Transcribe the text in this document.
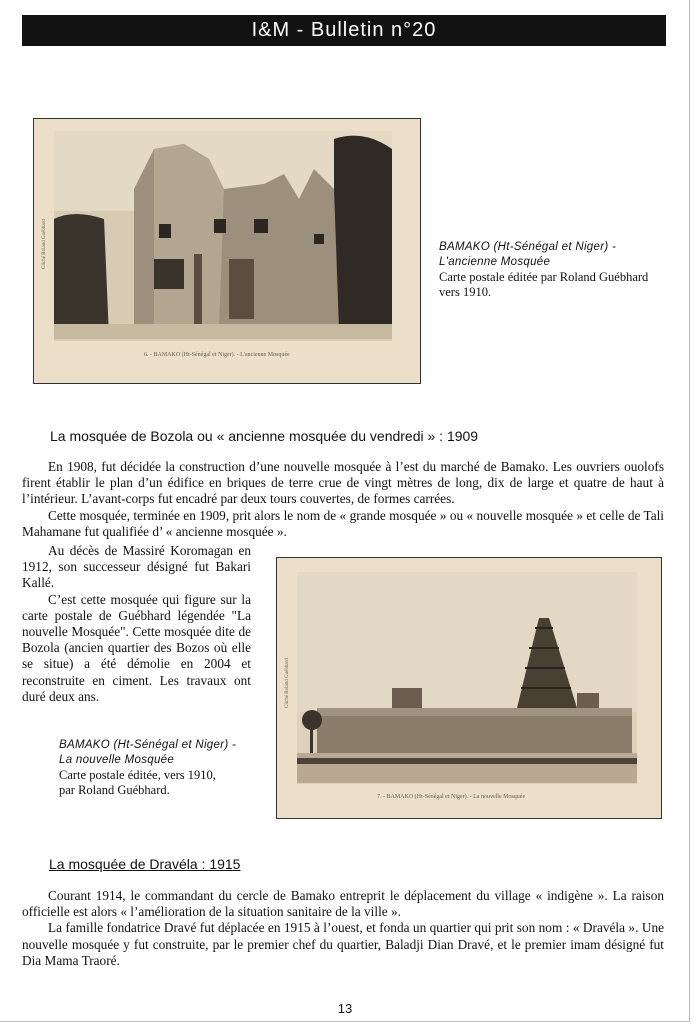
I&M - Bulletin n°20
Cliché Roland Guébhard
6. - BAMAKO (Ht-Sénégal et Niger). - L'ancienne Mosquée
BAMAKO (Ht-Sénégal et Niger) -
L'ancienne Mosquée
Carte postale éditée par Roland Guébhard
vers 1910.
La mosquée de Bozola ou « ancienne mosquée du vendredi » : 1909

En 1908, fut décidée la construction d’une nouvelle mosquée à l’est du marché de Bamako. Les ouvriers ouolofs firent établir le plan d’un édifice en briques de terre crue de vingt mètres de long, dix de large et quatre de haut à l’intérieur. L’avant-corps fut encadré par deux tours couvertes, de formes carrées.

Cette mosquée, terminée en 1909, prit alors le nom de « grande mosquée » ou « nouvelle mosquée » et celle de Tali Mahamane fut qualifiée d’ « ancienne mosquée ».

Au décès de Massiré Koromagan en 1912, son successeur désigné fut Bakari Kallé.

C’est cette mosquée qui figure sur la carte postale de Guébhard légendée "La nouvelle Mosquée". Cette mosquée dite de Bozola (ancien quartier des Bozos où elle se situe) a été démolie en 2004 et reconstruite en ciment. Les travaux ont duré deux ans.	Cliché Roland Guébhard
7. - BAMAKO (Ht-Sénégal et Niger). - La nouvelle Mosquée
BAMAKO (Ht-Sénégal et Niger) -
La nouvelle Mosquée
Carte postale éditée, vers 1910,
par Roland Guébhard.
La mosquée de Dravéla : 1915

Courant 1914, le commandant du cercle de Bamako entreprit le déplacement du village « indigène ». La raison officielle est alors « l’amélioration de la situation sanitaire de la ville ».

La famille fondatrice Dravé fut déplacée en 1915 à l’ouest, et fonda un quartier qui prit son nom : « Dravéla ». Une nouvelle mosquée y fut construite, par le premier chef du quartier, Baladji Dian Dravé, et le premier imam désigné fut Dia Mama Traoré.

13
